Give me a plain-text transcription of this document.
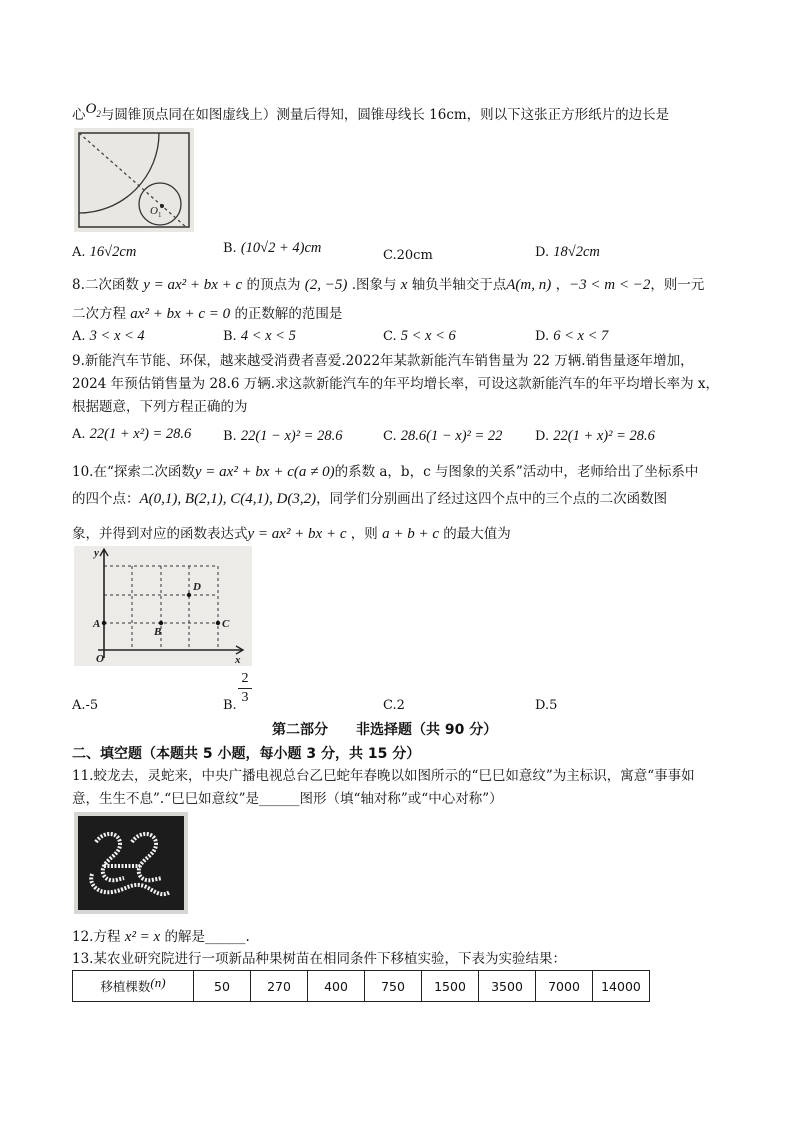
心$O_2$与圆锥顶点同在如图虚线上）测量后得知，圆锥母线长 16cm，则以下这张正方形纸片的边长是
O 1
A. 16√2cm	B. (10√2 + 4)cm	C.20cm	D. 18√2cm
8.二次函数 y = ax² + bx + c 的顶点为 (2, −5) .图象与 x 轴负半轴交于点A(m, n) ，−3 < m < −2，则一元
二次方程 ax² + bx + c = 0 的正数解的范围是
A. 3 < x < 4	B. 4 < x < 5	C. 5 < x < 6	D. 6 < x < 7
9.新能汽车节能、环保，越来越受消费者喜爱.2022年某款新能汽车销售量为 22 万辆.销售量逐年增加，
2024 年预估销售量为 28.6 万辆.求这款新能汽车的年平均增长率，可设这款新能汽车的年平均增长率为 x，
根据题意，下列方程正确的为
A. 22(1 + x²) = 28.6 B. 22(1 − x)² = 28.6	C. 28.6(1 − x)² = 22	D. 22(1 + x)² = 28.6
10.在“探索二次函数y = ax² + bx + c(a ≠ 0)的系数 a，b，c 与图象的关系”活动中，老师给出了坐标系中
的四个点：A(0,1), B(2,1), C(4,1), D(3,2)，同学们分别画出了经过这四个点中的三个点的二次函数图
象，并得到对应的函数表达式y = ax² + bx + c ，则 a + b + c 的最大值为
y
x
O
A
B
C
D
A.-5	B. $\frac{2}{3}$	C.2	D.5
第二部分　　非选择题（共 90 分）
二、填空题（本题共 5 小题，每小题 3 分，共 15 分）
11.蛟龙去，灵蛇来，中央广播电视总台乙巳蛇年春晚以如图所示的“巳巳如意纹”为主标识，寓意“事事如
意，生生不息”.“巳巳如意纹”是______图形（填“轴对称”或“中心对称”）
12.方程 x² = x 的解是______.
13.某农业研究院进行一项新品种果树苗在相同条件下移植实验，下表为实验结果：
移植棵数(n)	50	270	400	750	1500	3500	7000	14000
